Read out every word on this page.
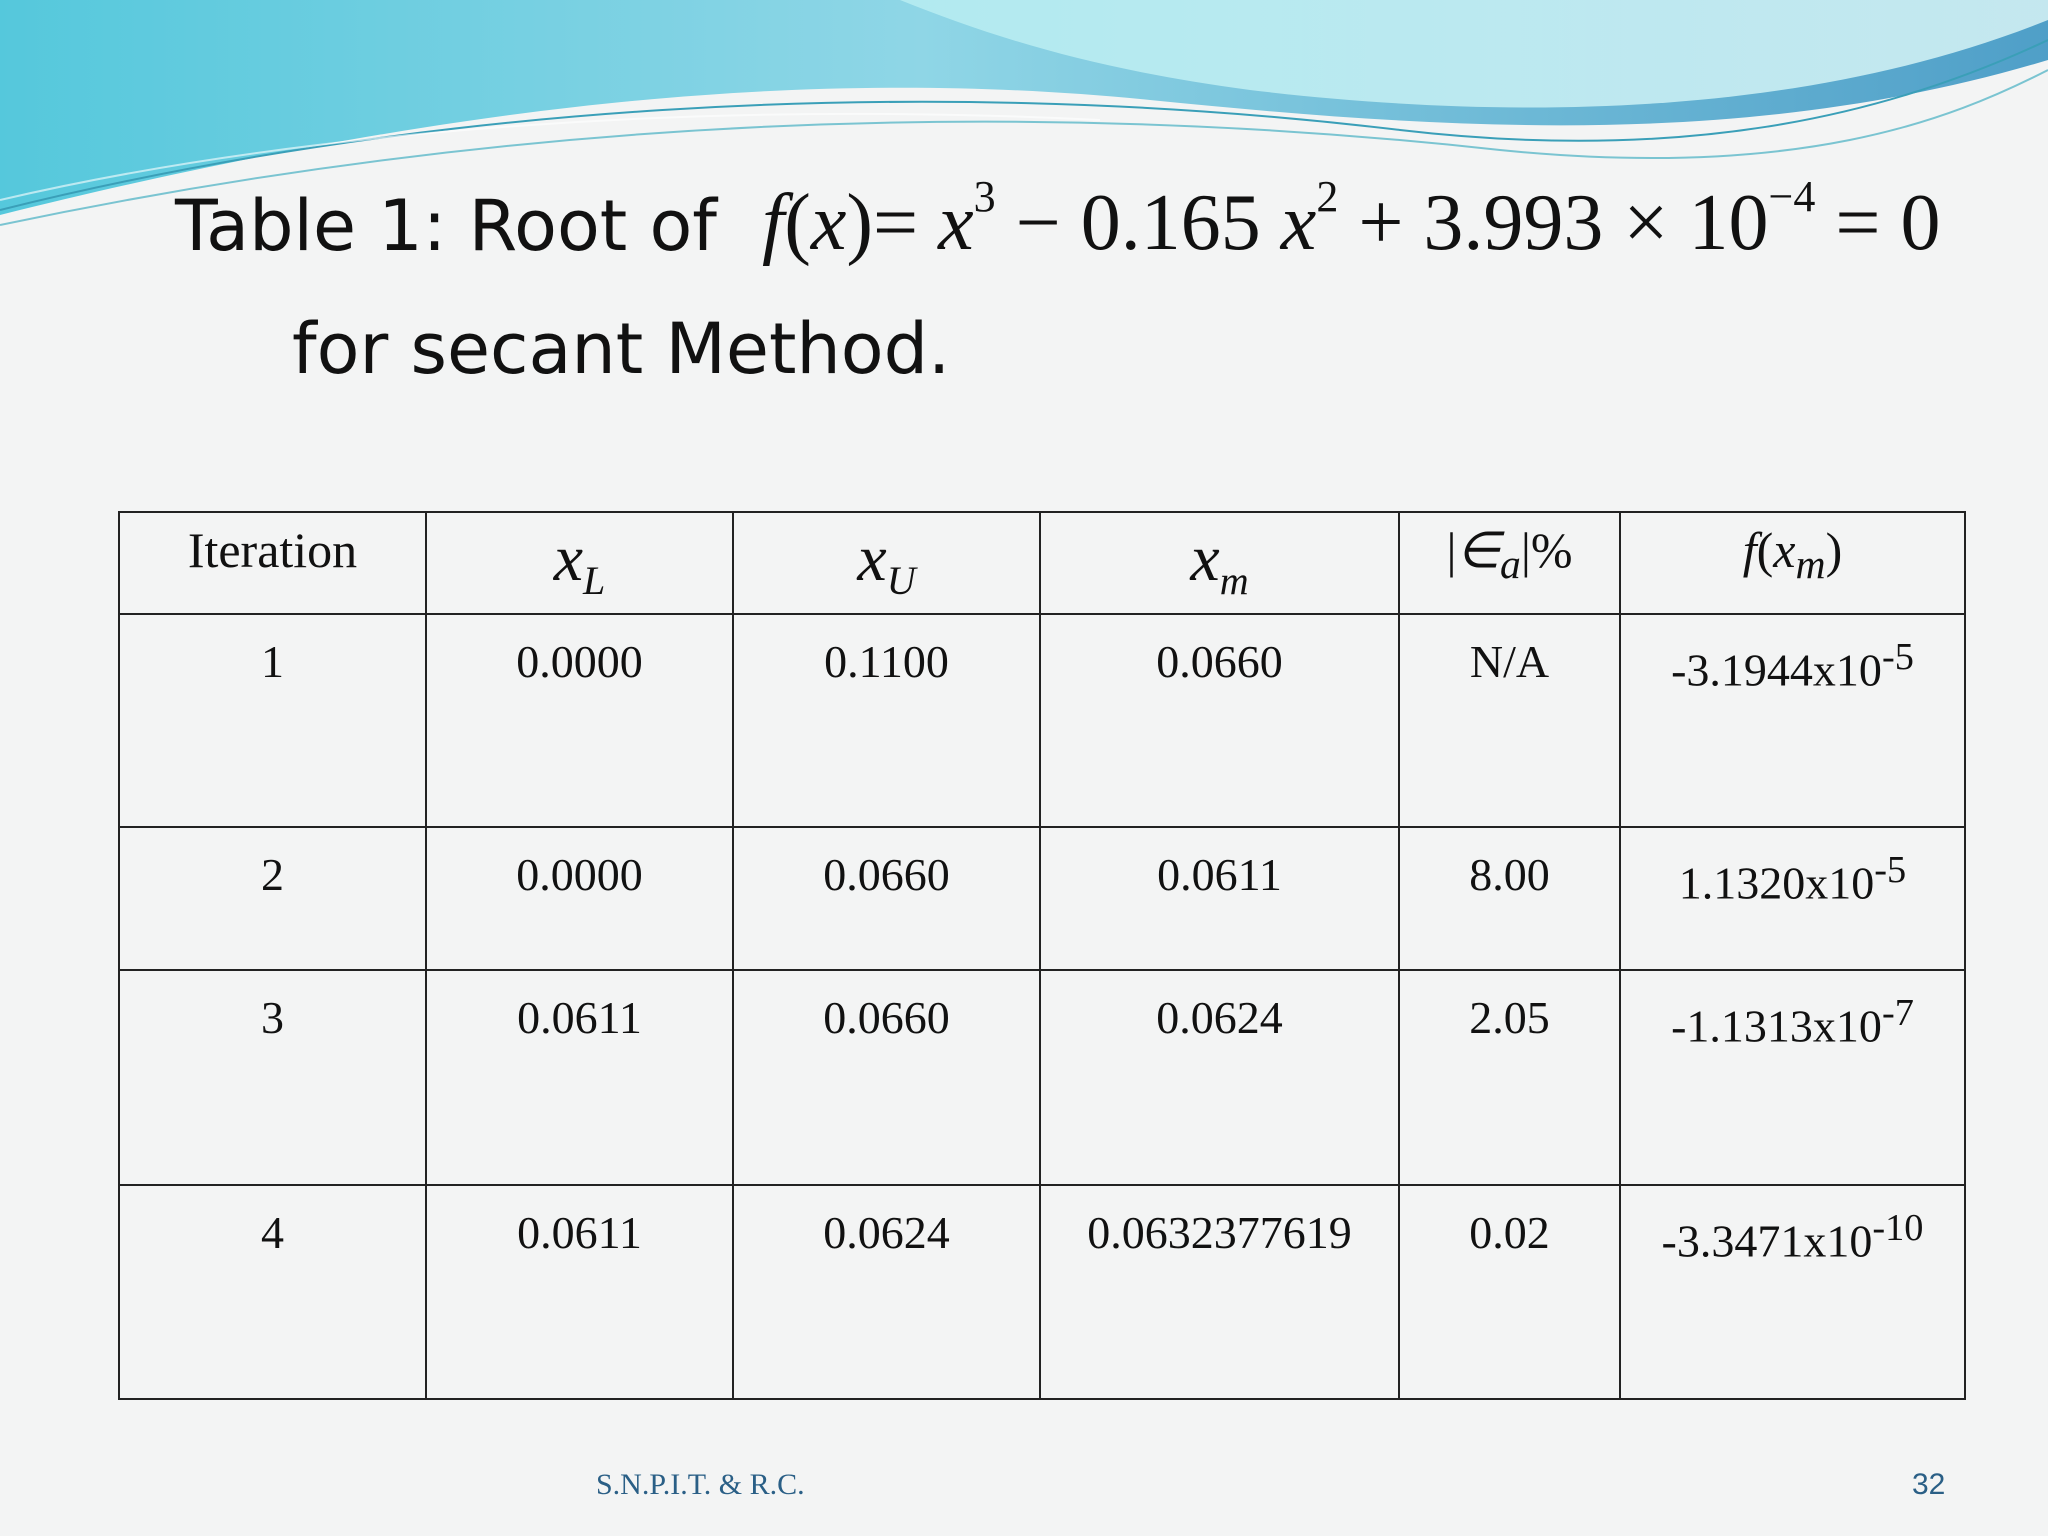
Table 1: Root of $f(x)= x^3 - 0.165$ $x^2 + 3.993 \times 10^{-4} = 0$
for secant Method.
Iteration	$x_L$	$x_U$	$x_m$	$|\in_a|\%$	$f(x_m)$
1	0.0000	0.1100	0.0660	N/A	$-3.1944x10^{-5}$
2	0.0000	0.0660	0.0611	8.00	$1.1320x10^{-5}$
3	0.0611	0.0660	0.0624	2.05	$-1.1313x10^{-7}$
4	0.0611	0.0624	0.0632377619	0.02	$-3.3471x10^{-10}$
S.N.P.I.T. & R.C.	32
